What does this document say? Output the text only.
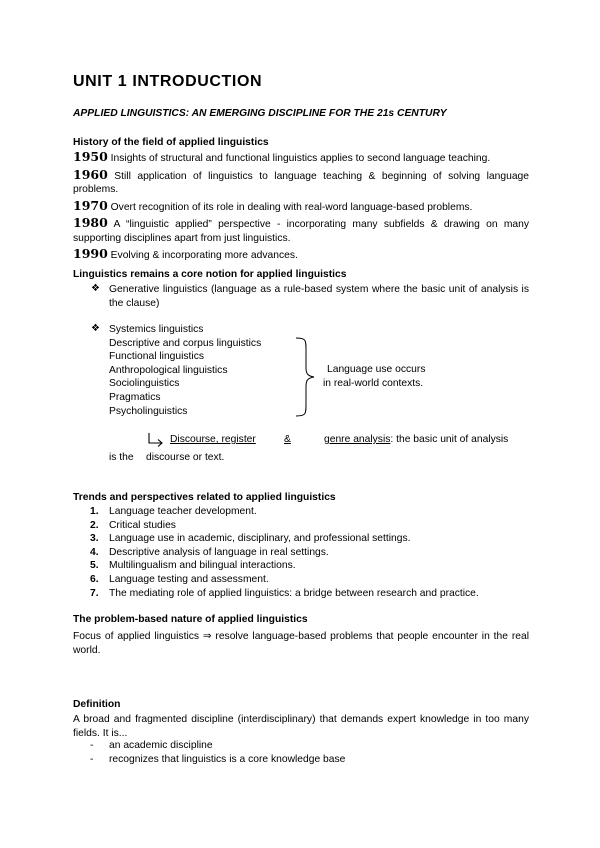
UNIT 1 INTRODUCTION
APPLIED LINGUISTICS: AN EMERGING DISCIPLINE FOR THE 21s CENTURY
History of the field of applied linguistics

1950 Insights of structural and functional linguistics applies to second language teaching.

1960 Still application of linguistics to language teaching & beginning of solving language problems.

1970 Overt recognition of its role in dealing with real-word language-based problems.

1980 A “linguistic applied” perspective - incorporating many subfields & drawing on many supporting disciplines apart from just linguistics.

1990 Evolving & incorporating more advances.

Linguistics remains a core notion for applied linguistics
❖ Generative linguistics (language as a rule-based system where the basic unit of analysis is the clause)
❖ Systemics linguistics
Descriptive and corpus linguistics
Functional linguistics
Anthropological linguistics
Sociolinguistics
Pragmatics
Psycholinguistics
Language use occurs
in real-world contexts.
Discourse, register	&	genre analysis: the basic unit of analysis
is the discourse or text.
Trends and perspectives related to applied linguistics
1. Language teacher development.
2. Critical studies
3. Language use in academic, disciplinary, and professional settings.
4. Descriptive analysis of language in real settings.
5. Multilingualism and bilingual interactions.
6. Language testing and assessment.
7. The mediating role of applied linguistics: a bridge between research and practice.
The problem-based nature of applied linguistics
Focus of applied linguistics ⇒ resolve language-based problems that people encounter in the real world.
Definition
A broad and fragmented discipline (interdisciplinary) that demands expert knowledge in too many fields. It is...
- an academic discipline
- recognizes that linguistics is a core knowledge base
